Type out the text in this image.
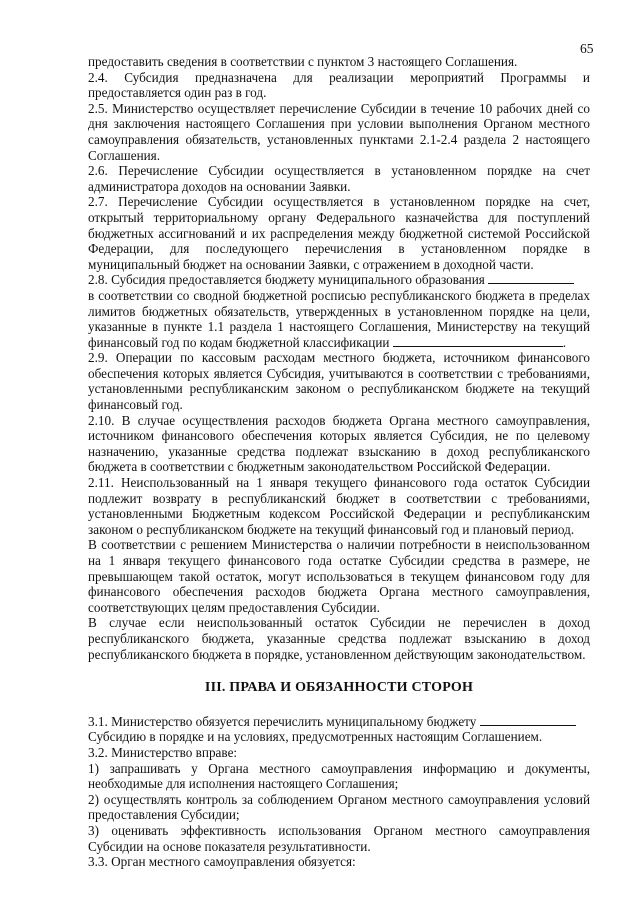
65

предоставить сведения в соответствии с пунктом 3 настоящего Соглашения.

2.4. Субсидия предназначена для реализации мероприятий Программы и предоставляется один раз в год.

2.5. Министерство осуществляет перечисление Субсидии в течение 10 рабочих дней со дня заключения настоящего Соглашения при условии выполнения Органом местного самоуправления обязательств, установленных пунктами 2.1-2.4 раздела 2 настоящего Соглашения.

2.6. Перечисление Субсидии осуществляется в установленном порядке на счет администратора доходов на основании Заявки.

2.7. Перечисление Субсидии осуществляется в установленном порядке на счет, открытый территориальному органу Федерального казначейства для поступлений бюджетных ассигнований и их распределения между бюджетной системой Российской Федерации, для последующего перечисления в установленном порядке в муниципальный бюджет на основании Заявки, с отражением в доходной части.

2.8. Субсидия предоставляется бюджету муниципального образования

в соответствии со сводной бюджетной росписью республиканского бюджета в пределах лимитов бюджетных обязательств, утвержденных в установленном порядке на цели, указанные в пункте 1.1 раздела 1 настоящего Соглашения, Министерству на текущий финансовый год по кодам бюджетной классификации	.

2.9. Операции по кассовым расходам местного бюджета, источником финансового обеспечения которых является Субсидия, учитываются в соответствии с требованиями, установленными республиканским законом о республиканском бюджете на текущий финансовый год.

2.10. В случае осуществления расходов бюджета Органа местного самоуправления, источником финансового обеспечения которых является Субсидия, не по целевому назначению, указанные средства подлежат взысканию в доход республиканского бюджета в соответствии с бюджетным законодательством Российской Федерации.

2.11. Неиспользованный на 1 января текущего финансового года остаток Субсидии подлежит возврату в республиканский бюджет в соответствии с требованиями, установленными Бюджетным кодексом Российской Федерации и республиканским законом о республиканском бюджете на текущий финансовый год и плановый период.

В соответствии с решением Министерства о наличии потребности в неиспользованном на 1 января текущего финансового года остатке Субсидии средства в размере, не превышающем такой остаток, могут использоваться в текущем финансовом году для финансового обеспечения расходов бюджета Органа местного самоуправления, соответствующих целям предоставления Субсидии.

В случае если неиспользованный остаток Субсидии не перечислен в доход республиканского бюджета, указанные средства подлежат взысканию в доход республиканского бюджета в порядке, установленном действующим законодательством.

III. ПРАВА И ОБЯЗАННОСТИ СТОРОН

3.1. Министерство обязуется перечислить муниципальному бюджету

Субсидию в порядке и на условиях, предусмотренных настоящим Соглашением.

3.2. Министерство вправе:

1) запрашивать у Органа местного самоуправления информацию и документы, необходимые для исполнения настоящего Соглашения;

2) осуществлять контроль за соблюдением Органом местного самоуправления условий предоставления Субсидии;

3) оценивать эффективность использования Органом местного самоуправления Субсидии на основе показателя результативности.

3.3. Орган местного самоуправления обязуется:
